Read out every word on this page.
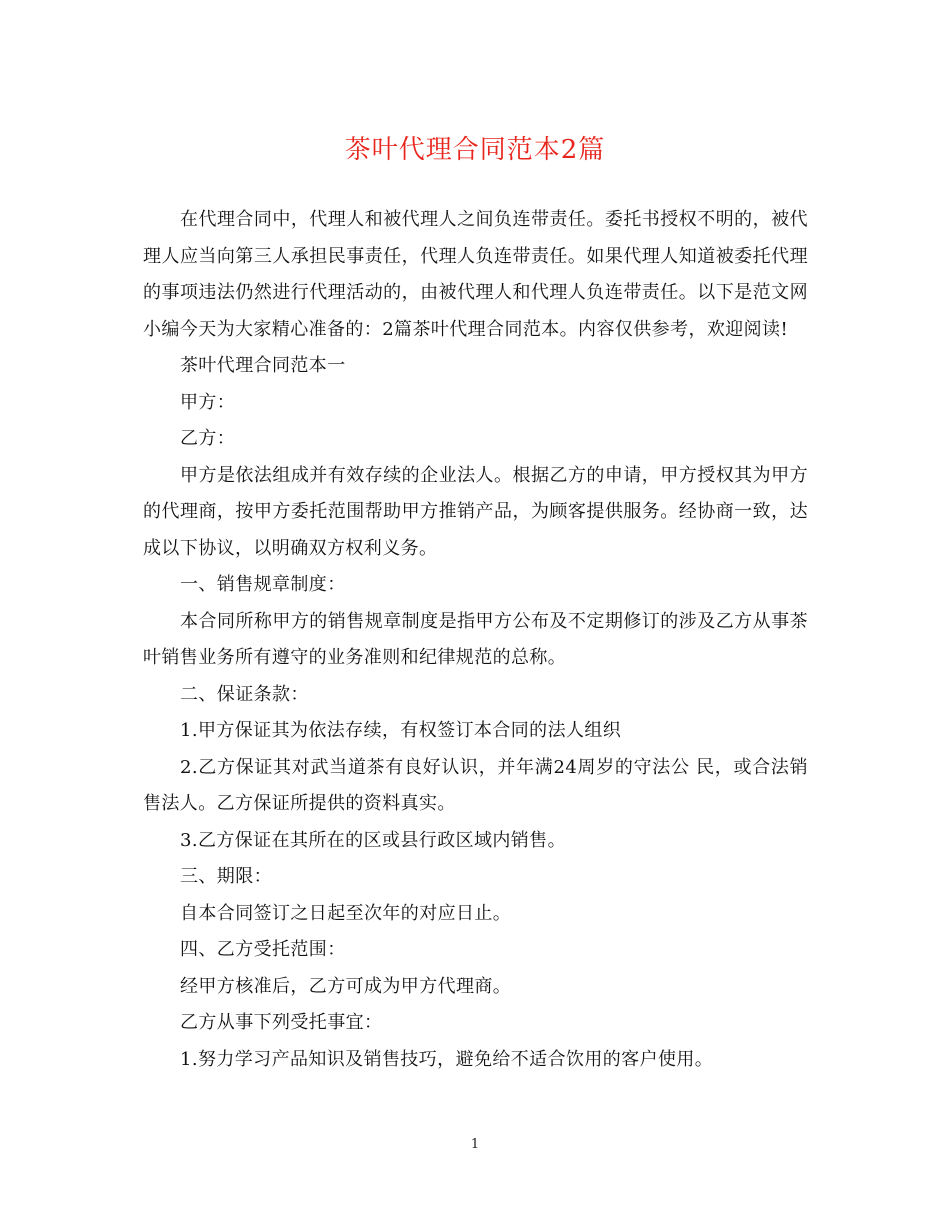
茶叶代理合同范本2篇

在代理合同中，代理人和被代理人之间负连带责任。委托书授权不明的，被代理人应当向第三人承担民事责任，代理人负连带责任。如果代理人知道被委托代理的事项违法仍然进行代理活动的，由被代理人和代理人负连带责任。以下是范文网小编今天为大家精心准备的：2篇茶叶代理合同范本。内容仅供参考，欢迎阅读!

茶叶代理合同范本一

甲方：

乙方：

甲方是依法组成并有效存续的企业法人。根据乙方的申请，甲方授权其为甲方的代理商，按甲方委托范围帮助甲方推销产品，为顾客提供服务。经协商一致，达成以下协议，以明确双方权利义务。

一、销售规章制度：

本合同所称甲方的销售规章制度是指甲方公布及不定期修订的涉及乙方从事茶叶销售业务所有遵守的业务准则和纪律规范的总称。

二、保证条款：

1.甲方保证其为依法存续，有权签订本合同的法人组织

2.乙方保证其对武当道茶有良好认识，并年满24周岁的守法公 民，或合法销售法人。乙方保证所提供的资料真实。

3.乙方保证在其所在的区或县行政区域内销售。

三、期限：

自本合同签订之日起至次年的对应日止。

四、乙方受托范围：

经甲方核准后，乙方可成为甲方代理商。

乙方从事下列受托事宜：

1.努力学习产品知识及销售技巧，避免给不适合饮用的客户使用。

1
